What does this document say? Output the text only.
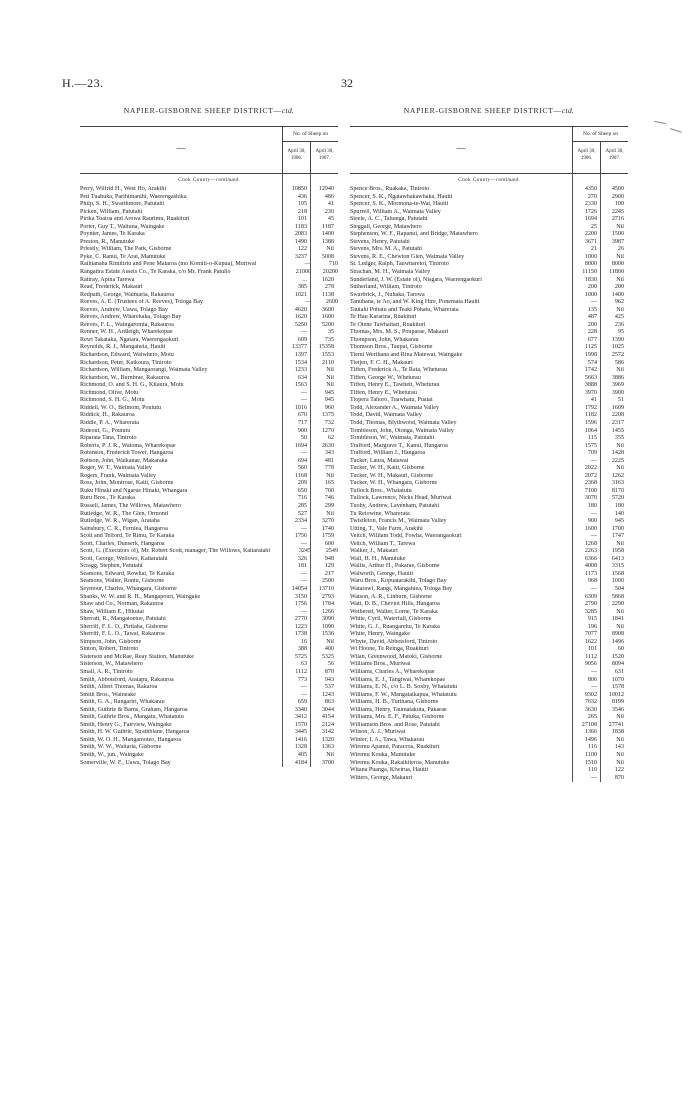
H.—23.	32
NAPIER-GISBORNE SHEEP DISTRICT—ctd.
—
No. of Sheep on
April 30, 1906.
April 30, 1907.
Cook County—continued.
Perry, Wilfrid H., West Ho, Arakihi	10850	12940
Peti Tuahuka, Parihimanihi, Waerengashika	436	486
Philp, S. H., Swarthmore, Patutahi	195	41
Picken, William, Patutahi	218	230
Pirika Toatoa and Arowa Raurimu, Ruakituri	101	45
Porter, Guy T., Waituna, Waingake	1183	1187
Poynter, James, Te Karaka	2083	1400
Preston, R., Manutuke	1490	1388
Priestly, William, The Park, Gisborne	122	Nil
Pyke, C. Ranui, Te Arai, Manutuke	3237	5008
Raihianaha Rimitiriu and Pene Mataroa (mo Komiti-o-Kupua), Muriwai	—	710
Rangatira Estate Assets Co., Te Karaka, c/o Mr. Frank Patullo	21000	20200
Rattray, Apina Tarewa	...	1620
Read, Frederick, Makauri	385	278
Redpath, George, Waimaria, Rakauroa	1021	1138
Reeves, A. E. (Trustees of A. Reeves), Tologa Bay	—	2600
Reeves, Andrew, Uawa, Tolago Bay	4620	3600
Reeves, Andrew, Wharekaka, Tolago Bay	1620	1600
Reeves, F. L., Waingaromia, Rakauroa	5250	5200
Renner, W. H., Ardleigh, Wharekopae	—	35
Rewi Takataka, Ngatara, Waerengaokuri	609	735
Reynolds, R. J., Mangaheia, Hauiti	13377	15358
Richardson, Edward, Waiwhero, Motu	1397	1553
Richardson, Peter, Kaikoura, Tiniroto	1534	2110
Richardson, William, Mangaorangi, Waimata Valley	1233	Nil
Richardson, W., Burnbrae, Rakauroa	634	Nil
Richmond, O. and S. H. G., Kitaura, Motu	1563	Nil
Richmond, Olive, Motu	—	945
Richmond, S. H. G., Motu	—	945
Riddell, W. O., Belmont, Poututu	1016	960
Riddick, H., Rakauroa	670	1375
Riddle, P. A., Wharerata	717	732
Rideout, G., Poututu	900	1270
Riparata Tana, Tiniroto	50	62
Roberts, P. J. R., Waioma, Wharekopae	1694	2630
Robinson, Frederick Tower, Hangaroa	—	343
Robson, John, Waikanae, Makaraka	694	481
Roger, W. T., Waimata Valley	560	778
Rogers, Frank, Waimata Valley	1168	Nil
Ross, John, Montrose, Kaiti, Gisborne	209	165
Ruku Hinaki and Ngarue Hinaki, Whangara	650	700
Ruru Bros., Te Karaka	716	746
Russell, James, The Willows, Matawhero	285	299
Rutledge, W. R., The Glen, Ormond	527	Nil
Rutledge, W. R., Wigan, Arataha	2334	3270
Sainsbury, C. R., Fernlea, Hangaroa	—	1740
Scott and Telford, Te Rimu, Te Karaka	1756	1759
Scott, Charles, Dunserk, Hangaroa	—	600
Scott, G. (Executors of), Mr. Robert Scott, manager, The Willows, Kaitaratahi	3245	2549
Scott, George, Wellows, Kaitaratahi	326	948
Scragg, Stephen, Patutahi	181	129
Seamons, Edward, Rowhai, Te Karaka	—	217
Seamons, Walter, Rontu, Gisborne	—	2500
Seymour, Charles, Whangara, Gisborne	14054	13710
Shanks, W. W. and R. H., Mangapouri, Waingake	3150	2793
Shaw and Co., Norman, Rakauroa	1756	1784
Shaw, William E., Hikutai	—	1266
Sherratt, R., Mangatoetoe, Patutahi	2770	3090
Sherriff, F. L. O., Piritaha, Gisborne	1223	1090
Sherriff, F. L. O., Tawai, Rakauroa	1738	1536
Simpson, John, Gisborne	16	Nil
Sinton, Robert, Tiniroto	388	400
Sisterson and McRae, Reay Station, Manutuke	5725	5325
Sisterson, W., Matawhero	63	56
Small, A. R., Tiniroto	1112	870
Smith, Abbotsford, Aratapu, Rakauroa	773	943
Smith, Albert Thomas, Rakaroa	—	537
Smith Bros., Waineake	—	1243
Smith, G. A., Rangariri, Whakarau	659	863
Smith, Guthrie & Barns, Graham, Hangaroa	3340	3044
Smith, Guthrie Bros., Mangatu, Whatatutu	3412	4154
Smith, Henry G., Fairview, Waingake	1570	2124
Smith, H. W. Guthrie, Strathblane, Hangaroa	3445	3142
Smith, W. O. H., Mangamoteo, Hangaroa	1416	1320
Smith, W. W., Waitaria, Gisborne	1328	1363
Smith, W., jun., Waingake	405	Nil
Somerville, W. F., Uawa, Tolago Bay	4184	3700
NAPIER-GISBORNE SHEEP DISTRICT—ctd.
—
No. of Sheep on
April 30, 1906.
April 30, 1907.
Cook County—continued.
Spence Bros., Ruakaka, Tiniroto	4350	4500
Spencer, S. K., Ngatawhakawhaka, Hauiti	270	2900
Spencer, S. K., Mormona-te-Wai, Hauiti	2330	100
Spurrell, William A., Waimata Valley	1726	2245
Steele, A. C., Tahunga, Patutahi	1694	2716
Steggall, George, Matawhero	25	Nil
Stephenson, W. F., Rapanui, and Bridge, Matawhero	2200	1500
Stevens, Henry, Patutahi	3671	3987
Stevens, Mrs. M. A., Patutahi	21	26
Stevens, R. E., Chewton Glen, Waimata Valley	1000	Nil
St. Ledger, Ralph, Tauwharetoi, Tiniroto	8000	8000
Strachan, M. H., Waimata Valley	11150	11800
Sunderland, J. W. (Estate of), Nisgara, Waerengaokuri	1830	Nil
Sutherland, William, Tiniroto	200	200
Swarbrick, J., Nuhaka, Tarewa	1000	1400
Tanuhana, te Ao, and W. King Hire, Ponemata Hauiti	—	962
Tautahi Pohatu and Teaki Pohatu, Wharerata	135	Nil
Te Hau Kararina, Ruakituri	487	425
Te Otene Tawhaitari, Ruakituri	200	236
Thomas, Mrs. M. S., Pouparae, Makauri	228	95
Thompson, John, Whakarau	677	1390
Thomson Bros., Taupai, Gisborne	1125	1025
Tiemi Werihana and Rina Matewai, Waingake	1998	2572
Tietjen, F. C. H., Makauri	574	586
Tiffen, Frederick A., Te Rata, Wheturau	1742	Nil
Tiffen, George W., Wheturau	5663	3886
Tiffen, Henry E., Tawheti, Wheturau	3888	3969
Tiffen, Henry E., Wheturau	3970	3900
Tiopera Tahoro, Tuawhatu, Puatai	41	51
Todd, Alexander A., Waimata Valley	1792	1609
Todd, David, Waimata Valley	1182	2208
Todd, Thomas, Blythwood, Waimata Valley	1596	2317
Tombleson, John, Otonga, Waimata Valley	1064	1455
Tombleson, W., Waimata, Patutahi	115	355
Trafford, Margrave T., Kanui, Hangaroa	1575	Nil
Trafford, William J., Hangaroa	709	1428
Tucker, Laura, Matawai	—	2225
Tucker, W. H., Kaiti, Gisborne	2022	Nil
Tucker, W. H., Makauri, Gisborne	2072	1262
Tucker, W. H., Whangara, Gisborne	2368	3163
Tullock Bros., Whatatutu	7100	8170
Tullock, Lawrence, Nicks Head, Muriwai	3070	5720
Tuohy, Andrew, Lavenham, Patutahi	180	180
Tu Reiowine, Wharerata	—	140
Twistleton, Francis M., Waimata Valley	900	945
Utting, T., Vale Farm, Arakihi	1600	1700
Veitch, William Todd, Fowha, Waerangaokuri	—	1747
Veitch, William T., Tarewa	1268	Nil
Walker, J., Makauri	2263	1958
Wall, H. H., Manutuke	6366	6413
Wallis, Arthur H., Pakarae, Gisborne	4008	3315
Walworth, George, Hauiti	1173	1568
Waru Bros., Kopuatarakihi, Tolago Bay	968	1000
Watarawi, Rangi, Mangahiea, Tologa Bay	—	504
Watson, A. R., Linburn, Gisborne	6309	5868
Watt, D. B., Cheviot Hills, Hangaroa	2790	2290
Wethered, Walter, Lorne, Te Karaka	3285	Nil
White, Cyril, Waterfall, Gisborne	915	1841
White, G. J., Ruangarehu, Te Karaka	196	Nil
White, Henry, Waingake	7077	8908
Whyte, David, Abbotsford, Tiniroto	1622	1496
Wi Hoone, Te Reinga, Ruakituri	101	60
Wilan, Greenwood, Matoki, Gisborne	1112	1520
Williams Bros., Muriwai	9056	8094
Williams, Charles A., Wharekopae	—	631
Williams, E. J., Tangiwai, Wharekopae	806	1070
Williams, E. N., c/o L. B. Soxby, Whatatutu	—	1578
Williams, F. W., Mangataikapua, Whatatutu	9302	10012
Williams, H. B., Turihana, Gisborne	7632	8199
Williams, Henry, Taumatakuta, Pakarae	3630	3546
Williams, Mrs. E. F., Patuka, Gisborne	265	Nil
Williamson Bros. and Rose, Patutahi	27108	27741
Wilson, A. J., Muriwai	1366	1838
Winter, I. A., Tawa, Whakarau	1496	Nil
Wiremu Apanui, Paracroa, Ruakituri	116	143
Wiremu Kouka, Manutuke	1100	Nil
Wiremu Kouka, Rakaikiteroa, Manutuke	1510	Nil
Witana Puanga, Kiwirua, Hauiti	110	122
Witters, George, Makauri	—	870
